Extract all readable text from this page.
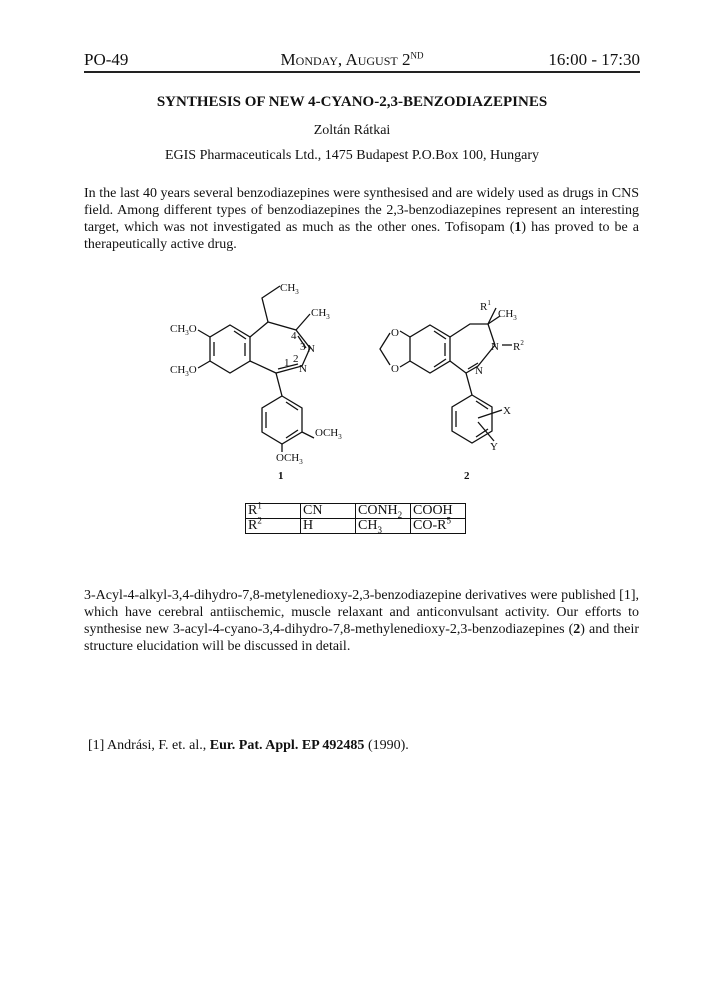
PO-49	Monday, August 2ND	16:00 - 17:30
SYNTHESIS OF NEW 4-CYANO-2,3-BENZODIAZEPINES
Zoltán Rátkai
EGIS Pharmaceuticals Ltd., 1475 Budapest P.O.Box 100, Hungary
In the last 40 years several benzodiazepines were synthesised and are widely used as drugs in CNS field. Among different types of benzodiazepines the 2,3-benzodiazepines represent an interesting target, which was not investigated as much as the other ones. Tofisopam (1) has proved to be a therapeutically active drug.
$CH_3$
$CH_3$
$CH_3O$
$CH_3O$
N
N
1 2
3
4
$OCH_3$
$OCH_3$
1
O
O
N
N
$R^2$
$R^1$
$CH_3$
X
Y
2
$R^1$	CN	$CONH_2$	COOH
$R^2$	H	$CH_3$	$CO-R^5$
3-Acyl-4-alkyl-3,4-dihydro-7,8-metylenedioxy-2,3-benzodiazepine derivatives were published [1], which have cerebral antiischemic, muscle relaxant and anticonvulsant activity. Our efforts to synthesise new 3-acyl-4-cyano-3,4-dihydro-7,8-methylenedioxy-2,3-benzodiazepines (2) and their structure elucidation will be discussed in detail.
[1] Andrási, F. et. al., Eur. Pat. Appl. EP 492485 (1990).
